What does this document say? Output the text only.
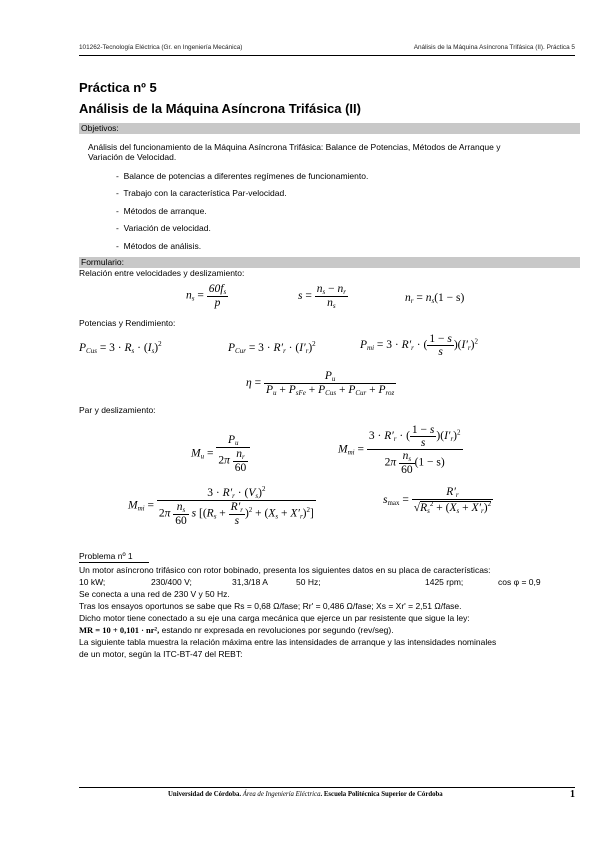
101262-Tecnología Eléctrica (Gr. en Ingeniería Mecánica)	Análisis de la Máquina Asíncrona Trifásica (II). Práctica 5
Práctica nº 5
Análisis de la Máquina Asíncrona Trifásica (II)
Objetivos:
Análisis del funcionamiento de la Máquina Asíncrona Trifásica: Balance de Potencias, Métodos de Arranque y
Variación de Velocidad.
-  Balance de potencias a diferentes regímenes de funcionamiento.
-  Trabajo con la característica Par-velocidad.
-  Métodos de arranque.
-  Variación de velocidad.
-  Métodos de análisis.
Formulario:
Relación entre velocidades y deslizamiento:
$n_s = \frac{60f_s}{p}$	$s = \frac{n_s - n_r}{n_s}$	$n_r = n_s(1 - s)$
Potencias y Rendimiento:
$P_{Cus} = 3 \cdot R_s \cdot (I_s)^2$	$P_{Cur} = 3 \cdot R'_r \cdot (I'_r)^2$	$P_{mi} = 3 \cdot R'_r$ · ( $\frac{1 - s}{s} )(I'_r)^2$
$\eta = \frac{P_u}{P_u + P_{sFe} + P_{Cus} + P_{Cur} + P_{roz}}$
Par y deslizamiento:
$M_u = \frac{P_u}{2\pi \frac{n_r}{60}}$	$M_{mi} = \frac{3 \cdot R'_r \cdot ( \frac{1 - s}{s} )(I'_r)^2}{2\pi \frac{n_s}{60} (1 - s)}$
$M_{mi} = \frac{3 \cdot R'_r \cdot (V_s)^2}{2\pi \frac{n_s}{60} s [(R_s + \frac{R'_r}{s} )^2 + (X_s + X'_r)^2]}$	$s_{max} = \frac{R'_r}{√R_s^2 + (X_s + X'_r)^2}$
Problema nº 1
Un motor asíncrono trifásico con rotor bobinado, presenta los siguientes datos en su placa de características:
10 kW;	230/400 V;	31,3/18 A	50 Hz;	1425 rpm;	cos φ = 0,9
Se conecta a una red de 230 V y 50 Hz.
Tras los ensayos oportunos se sabe que Rs = 0,68 Ω/fase; Rr' = 0,486 Ω/fase; Xs = Xr' = 2,51 Ω/fase.
Dicho motor tiene conectado a su eje una carga mecánica que ejerce un par resistente que sigue la ley:
MR = 10 + 0,101 · nr², estando nr expresada en revoluciones por segundo (rev/seg).
La siguiente tabla muestra la relación máxima entre las intensidades de arranque y las intensidades nominales
de un motor, según la ITC-BT-47 del REBT:
Universidad de Córdoba. Área de Ingeniería Eléctrica. Escuela Politécnica Superior de Córdoba	1
